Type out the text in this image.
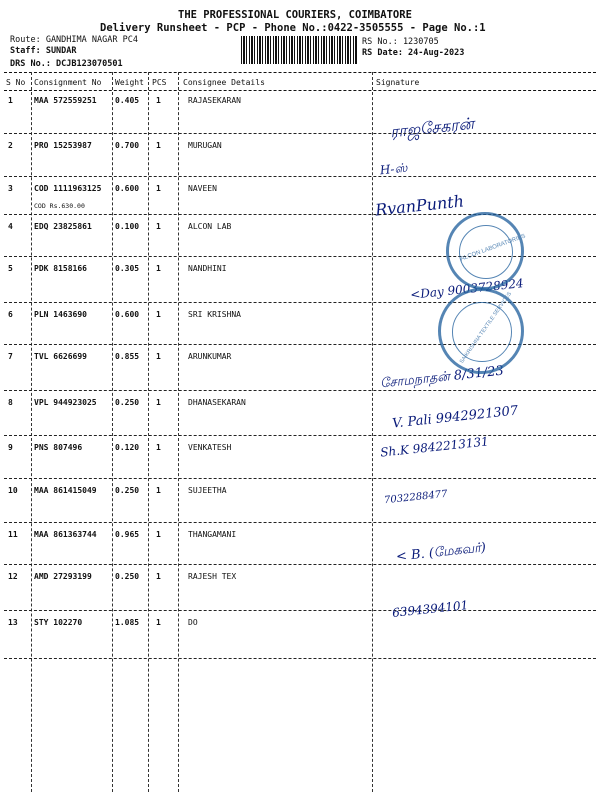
THE PROFESSIONAL COURIERS, COIMBATORE
Delivery Runsheet - PCP - Phone No.:0422-3505555 - Page No.:1
Route: GANDHIMA NAGAR PC4
Staff: SUNDAR
DRS No.: DCJB123070501
RS No.: 1230705
RS Date: 24-Aug-2023
S No Consignment No Weight PCS Consignee Details	Signature
1	MAA 572559251 0.405 1	RAJASEKARAN
ராஜசேகரன்
2	PRO 15253987	0.700 1	MURUGAN
H-ஸ்
3	COD 1111963125 0.600 1	NAVEEN
COD Rs.630.00	RvanPunth
4	EDQ 23825861	0.100 1	ALCON LAB
5	PDK 8158166	0.305 1	NANDHINI
<Day 9003728924
6	PLN 1463690	0.600 1	SRI KRISHNA
7	TVL 6626699	0.855 1	ARUNKUMAR
சோமநாதன் 8/31/23
8	VPL 944923025 0.250 1	DHANASEKARAN
V. Pali 9942921307
9	PNS 807496	0.120 1	VENKATESH	Sh.K 9842213131
10 MAA 861415049 0.250 1	SUJEETHA	7032288477
11 MAA 861363744 0.965 1	THANGAMANI
< B. (மேகவர்)
12 AMD 27293199	0.250 1	RAJESH TEX
13 STY 102270	1.085 1	DO
6394394101
ALCON LABORATORIES
SAIKRISHNA TEXTILE SERVICES
